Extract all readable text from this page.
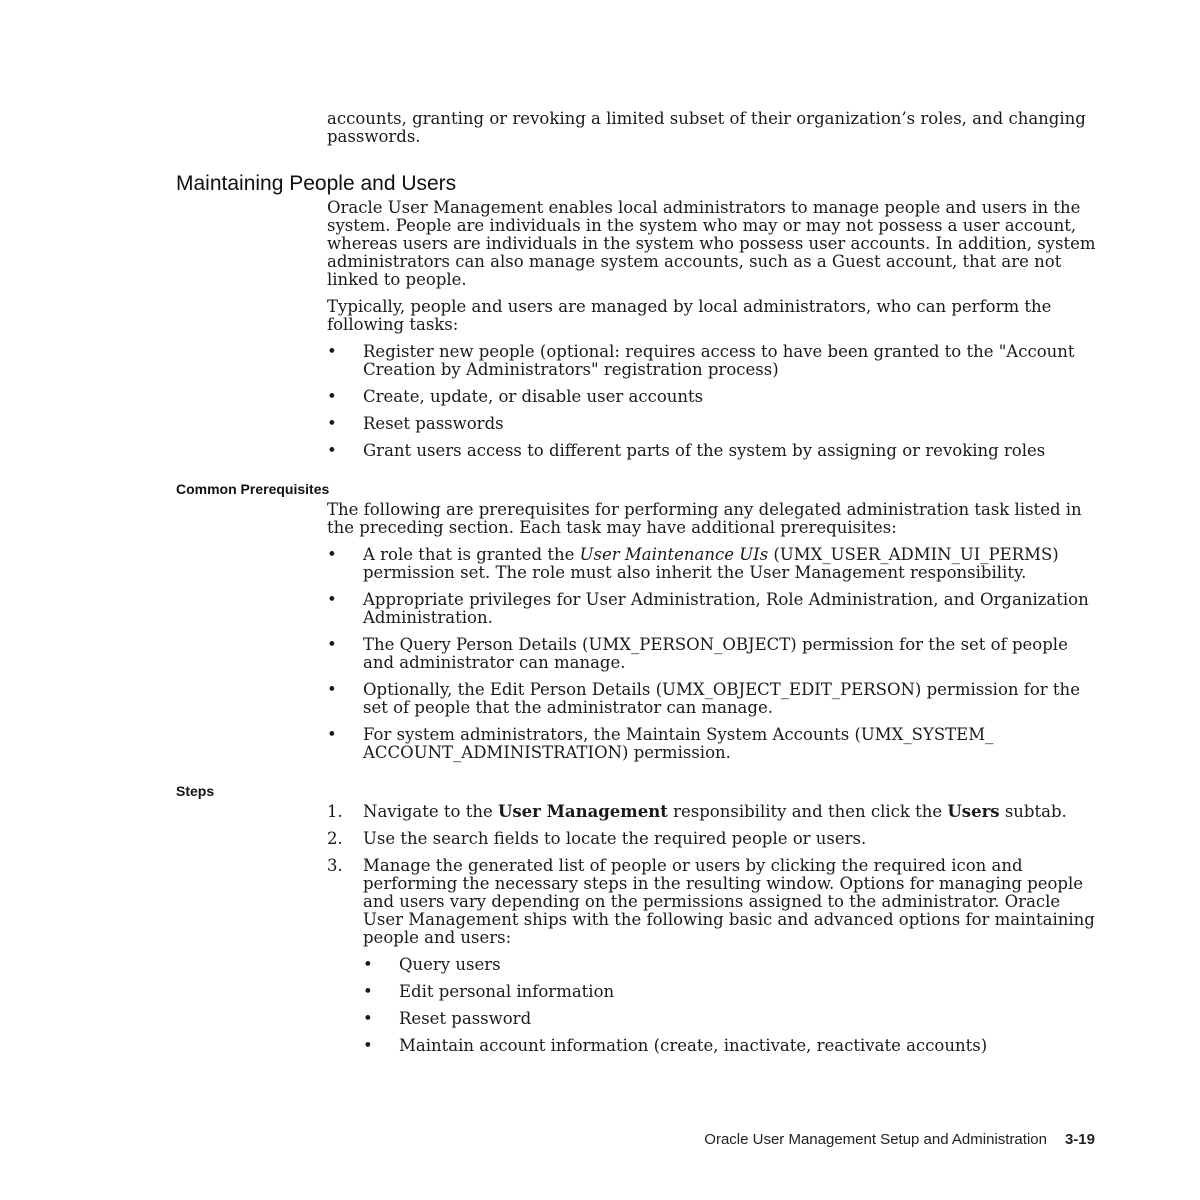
accounts, granting or revoking a limited subset of their organization’s roles, and changing passwords.

Maintaining People and Users

Oracle User Management enables local administrators to manage people and users in the system. People are individuals in the system who may or may not possess a user account, whereas users are individuals in the system who possess user accounts. In addition, system administrators can also manage system accounts, such as a Guest account, that are not linked to people.

Typically, people and users are managed by local administrators, who can perform the following tasks:

• Register new people (optional: requires access to have been granted to the "Account Creation by Administrators" registration process)
• Create, update, or disable user accounts
• Reset passwords
• Grant users access to different parts of the system by assigning or revoking roles
Common Prerequisites

The following are prerequisites for performing any delegated administration task listed in the preceding section. Each task may have additional prerequisites:

• A role that is granted the User Maintenance UIs (UMX_USER_ADMIN_UI_PERMS) permission set. The role must also inherit the User Management responsibility.
• Appropriate privileges for User Administration, Role Administration, and Organization Administration.
• The Query Person Details (UMX_PERSON_OBJECT) permission for the set of people and administrator can manage.
• Optionally, the Edit Person Details (UMX_OBJECT_EDIT_PERSON) permission for the set of people that the administrator can manage.
• For system administrators, the Maintain System Accounts (UMX_SYSTEM_ ACCOUNT_ADMINISTRATION) permission.
Steps
1. Navigate to the User Management responsibility and then click the Users subtab.
2. Use the search fields to locate the required people or users.
3. Manage the generated list of people or users by clicking the required icon and performing the necessary steps in the resulting window. Options for managing people and users vary depending on the permissions assigned to the administrator. Oracle User Management ships with the following basic and advanced options for maintaining people and users:
• Query users
• Edit personal information
• Reset password
• Maintain account information (create, inactivate, reactivate accounts)
Oracle User Management Setup and Administration 3-19
